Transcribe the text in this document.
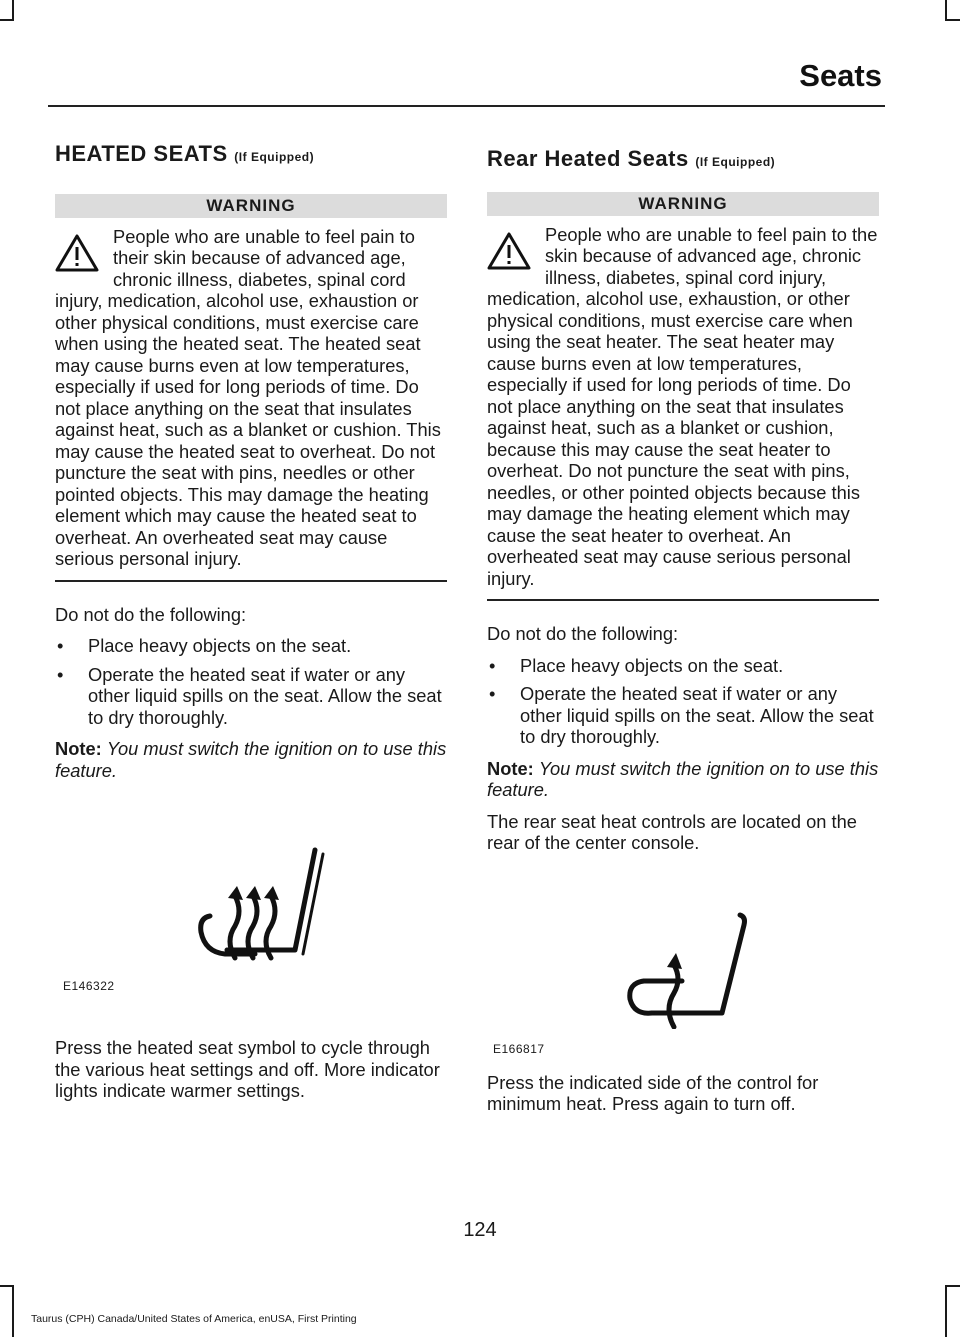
Seats
HEATED SEATS (If Equipped)
WARNING
People who are unable to feel pain to their skin because of advanced age, chronic illness, diabetes, spinal cord injury, medication, alcohol use, exhaustion or other physical conditions, must exercise care when using the heated seat. The heated seat may cause burns even at low temperatures, especially if used for long periods of time. Do not place anything on the seat that insulates against heat, such as a blanket or cushion. This may cause the heated seat to overheat. Do not puncture the seat with pins, needles or other pointed objects. This may damage the heating element which may cause the heated seat to overheat. An overheated seat may cause serious personal injury.

Do not do the following:

• Place heavy objects on the seat.
• Operate the heated seat if water or any other liquid spills on the seat. Allow the seat to dry thoroughly.

Note: You must switch the ignition on to use this feature.

E146322

Press the heated seat symbol to cycle through the various heat settings and off. More indicator lights indicate warmer settings.

Rear Heated Seats (If Equipped)
WARNING
People who are unable to feel pain to the skin because of advanced age, chronic illness, diabetes, spinal cord injury, medication, alcohol use, exhaustion, or other physical conditions, must exercise care when using the seat heater. The seat heater may cause burns even at low temperatures, especially if used for long periods of time. Do not place anything on the seat that insulates against heat, such as a blanket or cushion, because this may cause the seat heater to overheat. Do not puncture the seat with pins, needles, or other pointed objects because this may damage the heating element which may cause the seat heater to overheat. An overheated seat may cause serious personal injury.

Do not do the following:

• Place heavy objects on the seat.
• Operate the heated seat if water or any other liquid spills on the seat. Allow the seat to dry thoroughly.

Note: You must switch the ignition on to use this feature.

The rear seat heat controls are located on the rear of the center console.

E166817

Press the indicated side of the control for minimum heat. Press again to turn off.

124
Taurus (CPH) Canada/United States of America, enUSA, First Printing
